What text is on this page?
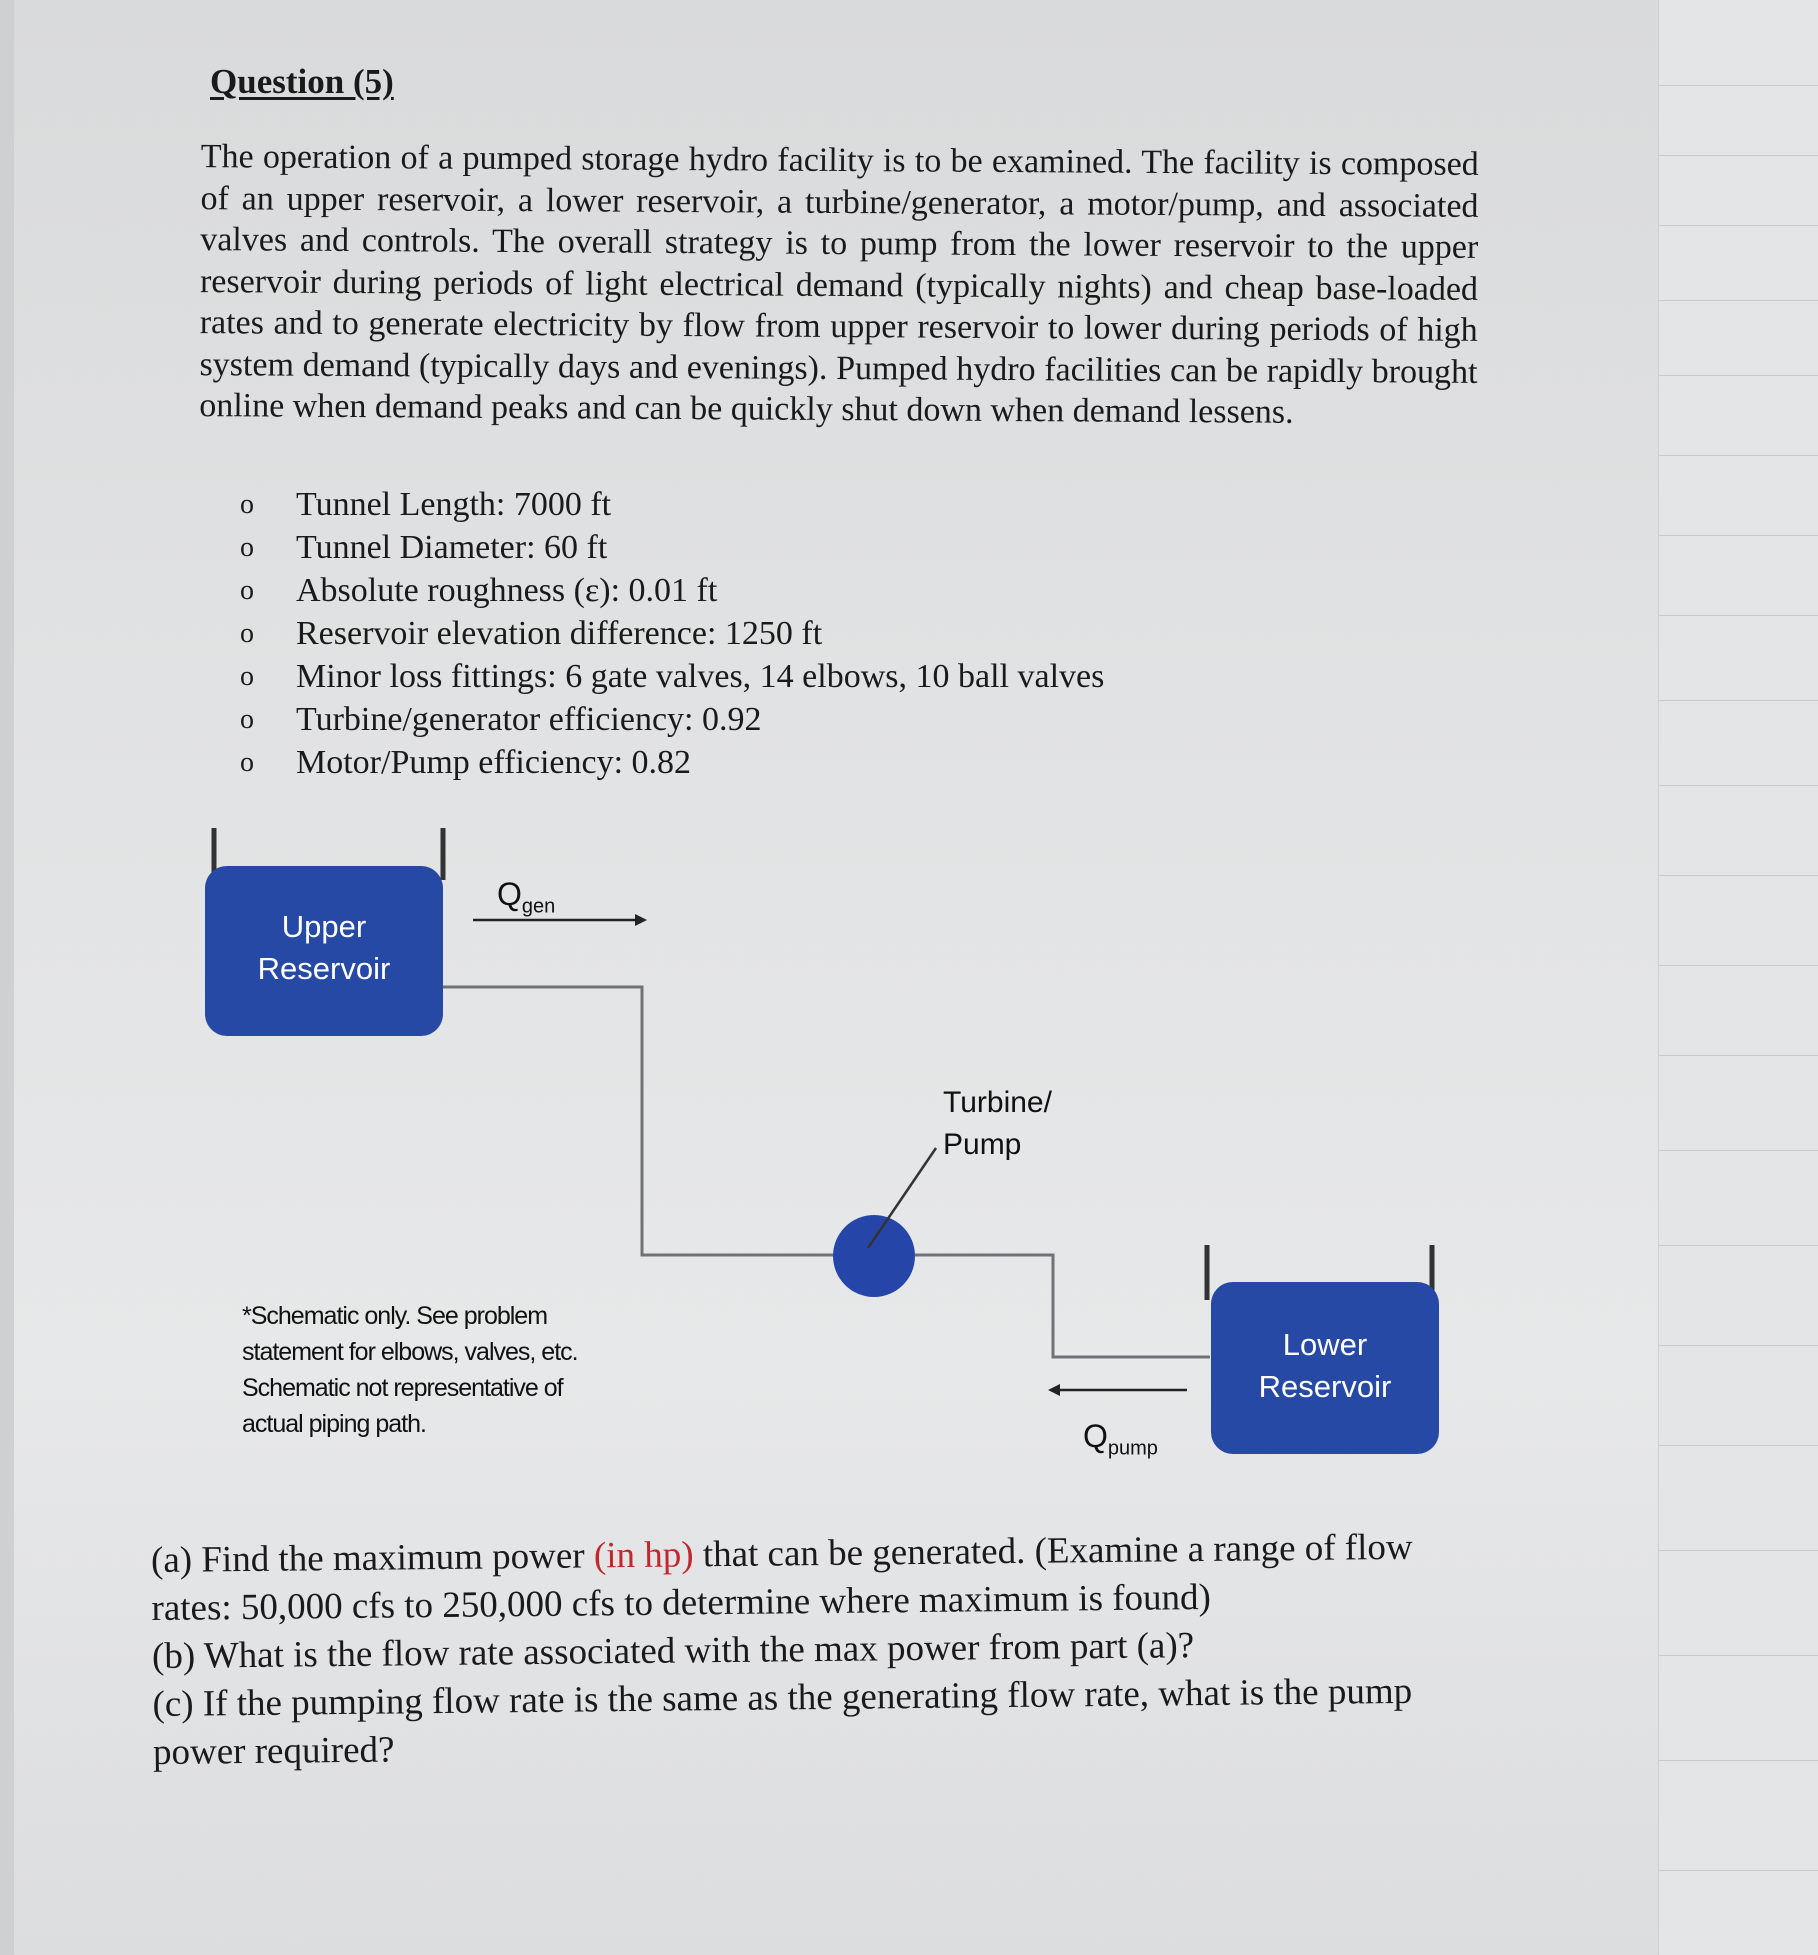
Question (5)
The operation of a pumped storage hydro facility is to be examined. The facility is composed of an upper reservoir, a lower reservoir, a turbine/generator, a motor/pump, and associated valves and controls. The overall strategy is to pump from the lower reservoir to the upper reservoir during periods of light electrical demand (typically nights) and cheap base-loaded rates and to generate electricity by flow from upper reservoir to lower during periods of high system demand (typically days and evenings). Pumped hydro facilities can be rapidly brought online when demand peaks and can be quickly shut down when demand lessens.
o	Tunnel Length: 7000 ft
o	Tunnel Diameter: 60 ft
o	Absolute roughness (ε): 0.01 ft
o	Reservoir elevation difference: 1250 ft
o	Minor loss fittings: 6 gate valves, 14 elbows, 10 ball valves
o	Turbine/generator efficiency: 0.92
o	Motor/Pump efficiency: 0.82
Upper
Reservoir
$Q_{gen}$
Turbine/
Pump
Lower
Reservoir
$Q_{pump}$
*Schematic only. See problem
statement for elbows, valves, etc.
Schematic not representative of
actual piping path.

(a) Find the maximum power (in hp) that can be generated. (Examine a range of flow rates: 50,000 cfs to 250,000 cfs to determine where maximum is found)

(b) What is the flow rate associated with the max power from part (a)?

(c) If the pumping flow rate is the same as the generating flow rate, what is the pump power required?
